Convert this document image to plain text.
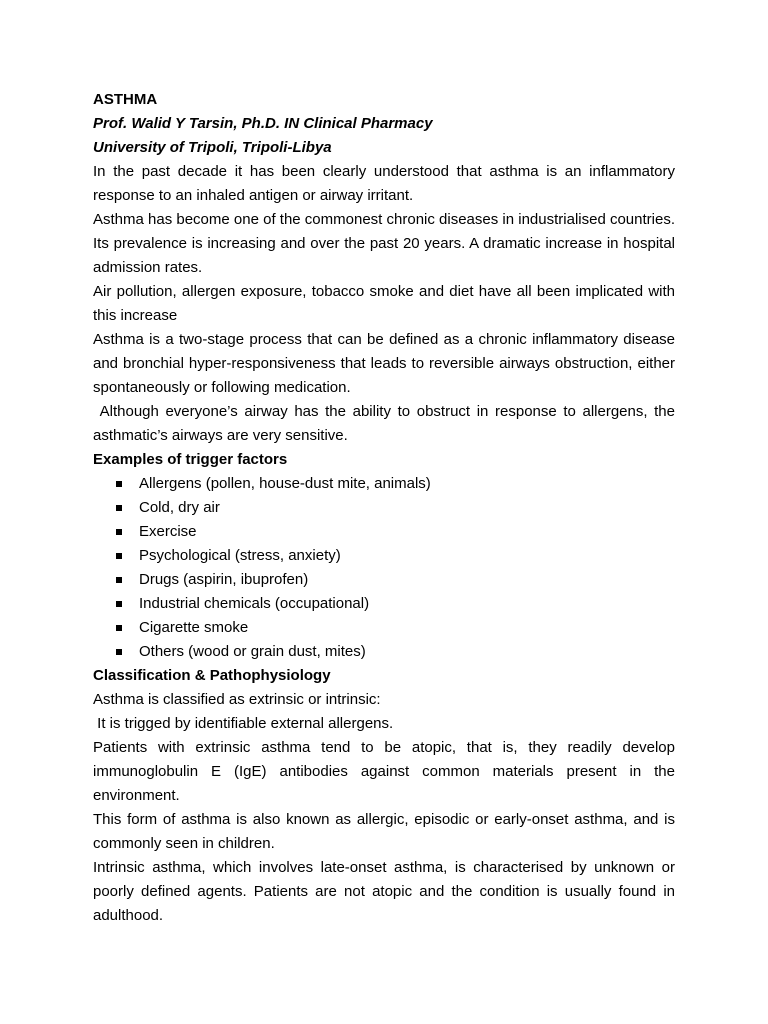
ASTHMA

Prof. Walid Y Tarsin, Ph.D. IN Clinical Pharmacy

University of Tripoli, Tripoli-Libya

In the past decade it has been clearly understood that asthma is an inflammatory response to an inhaled antigen or airway irritant.

Asthma has become one of the commonest chronic diseases in industrialised countries. Its prevalence is increasing and over the past 20 years. A dramatic increase in hospital admission rates.

Air pollution, allergen exposure, tobacco smoke and diet have all been implicated with this increase

Asthma is a two-stage process that can be defined as a chronic inflammatory disease and bronchial hyper-responsiveness that leads to reversible airways obstruction, either spontaneously or following medication.

Although everyone’s airway has the ability to obstruct in response to allergens, the asthmatic’s airways are very sensitive.

Examples of trigger factors

Allergens (pollen, house-dust mite, animals)
Cold, dry air
Exercise
Psychological (stress, anxiety)
Drugs (aspirin, ibuprofen)
Industrial chemicals (occupational)
Cigarette smoke
Others (wood or grain dust, mites)

Classification & Pathophysiology

Asthma is classified as extrinsic or intrinsic:

It is trigged by identifiable external allergens.

Patients with extrinsic asthma tend to be atopic, that is, they readily develop immunoglobulin E (IgE) antibodies against common materials present in the environment.

This form of asthma is also known as allergic, episodic or early-onset asthma, and is commonly seen in children.

Intrinsic asthma, which involves late-onset asthma, is characterised by unknown or poorly defined agents. Patients are not atopic and the condition is usually found in adulthood.
